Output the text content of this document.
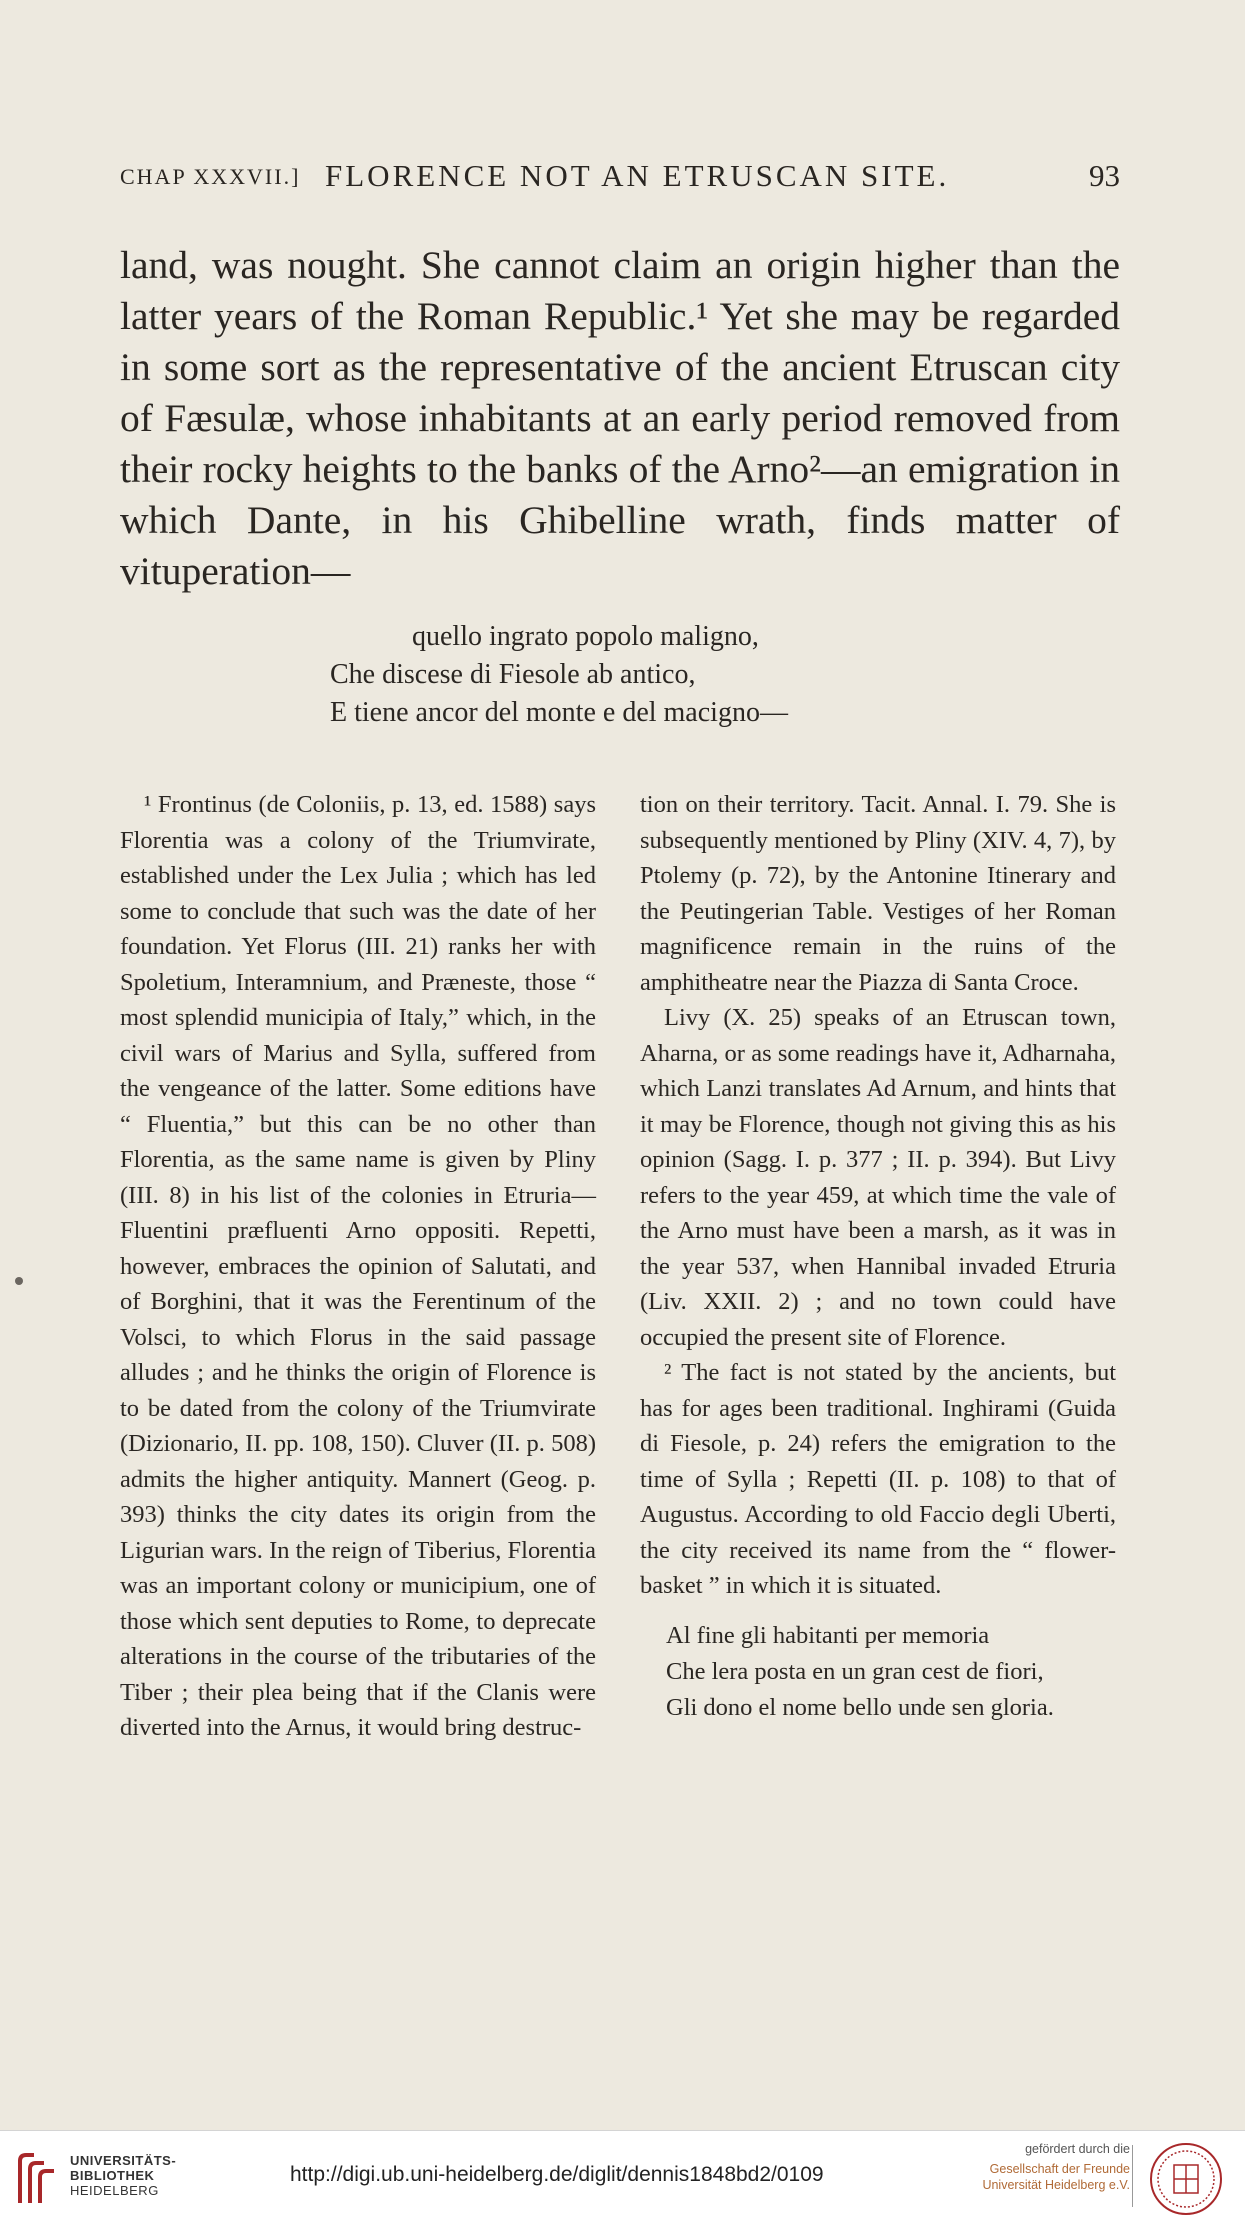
CHAP XXXVII.] FLORENCE NOT AN ETRUSCAN SITE.	93

land, was nought. She cannot claim an origin higher than the latter years of the Roman Republic.¹ Yet she may be regarded in some sort as the representative of the ancient Etruscan city of Fæsulæ, whose inhabitants at an early period removed from their rocky heights to the banks of the Arno²—an emigration in which Dante, in his Ghibelline wrath, finds matter of vituperation—

quello ingrato popolo maligno,
Che discese di Fiesole ab antico,
E tiene ancor del monte e del macigno—

¹ Frontinus (de Coloniis, p. 13, ed. 1588) says Florentia was a colony of the Triumvirate, established under the Lex Julia ; which has led some to conclude that such was the date of her foundation. Yet Florus (III. 21) ranks her with Spoletium, Interamnium, and Præneste, those “ most splendid municipia of Italy,” which, in the civil wars of Marius and Sylla, suffered from the vengeance of the latter. Some editions have “ Fluentia,” but this can be no other than Florentia, as the same name is given by Pliny (III. 8) in his list of the colonies in Etruria—Fluentini præfluenti Arno oppositi. Repetti, however, embraces the opinion of Salutati, and of Borghini, that it was the Ferentinum of the Volsci, to which Florus in the said passage alludes ; and he thinks the origin of Florence is to be dated from the colony of the Triumvirate (Dizionario, II. pp. 108, 150). Cluver (II. p. 508) admits the higher antiquity. Mannert (Geog. p. 393) thinks the city dates its origin from the Ligurian wars. In the reign of Tiberius, Florentia was an important colony or municipium, one of those which sent deputies to Rome, to deprecate alterations in the course of the tributaries of the Tiber ; their plea being that if the Clanis were diverted into the Arnus, it would bring destruc-

tion on their territory. Tacit. Annal. I. 79. She is subsequently mentioned by Pliny (XIV. 4, 7), by Ptolemy (p. 72), by the Antonine Itinerary and the Peutingerian Table. Vestiges of her Roman magnificence remain in the ruins of the amphitheatre near the Piazza di Santa Croce.

Livy (X. 25) speaks of an Etruscan town, Aharna, or as some readings have it, Adharnaha, which Lanzi translates Ad Arnum, and hints that it may be Florence, though not giving this as his opinion (Sagg. I. p. 377 ; II. p. 394). But Livy refers to the year 459, at which time the vale of the Arno must have been a marsh, as it was in the year 537, when Hannibal invaded Etruria (Liv. XXII. 2) ; and no town could have occupied the present site of Florence.

² The fact is not stated by the ancients, but has for ages been traditional. Inghirami (Guida di Fiesole, p. 24) refers the emigration to the time of Sylla ; Repetti (II. p. 108) to that of Augustus. According to old Faccio degli Uberti, the city received its name from the “ flower-basket ” in which it is situated.

Al fine gli habitanti per memoria
Che lera posta en un gran cest de fiori,
Gli dono el nome bello unde sen gloria.

UNIVERSITÄTS-
BIBLIOTHEK
HEIDELBERG
http://digi.ub.uni-heidelberg.de/diglit/dennis1848bd2/0109
gefördert durch die
Gesellschaft der Freunde
Universität Heidelberg e.V.
